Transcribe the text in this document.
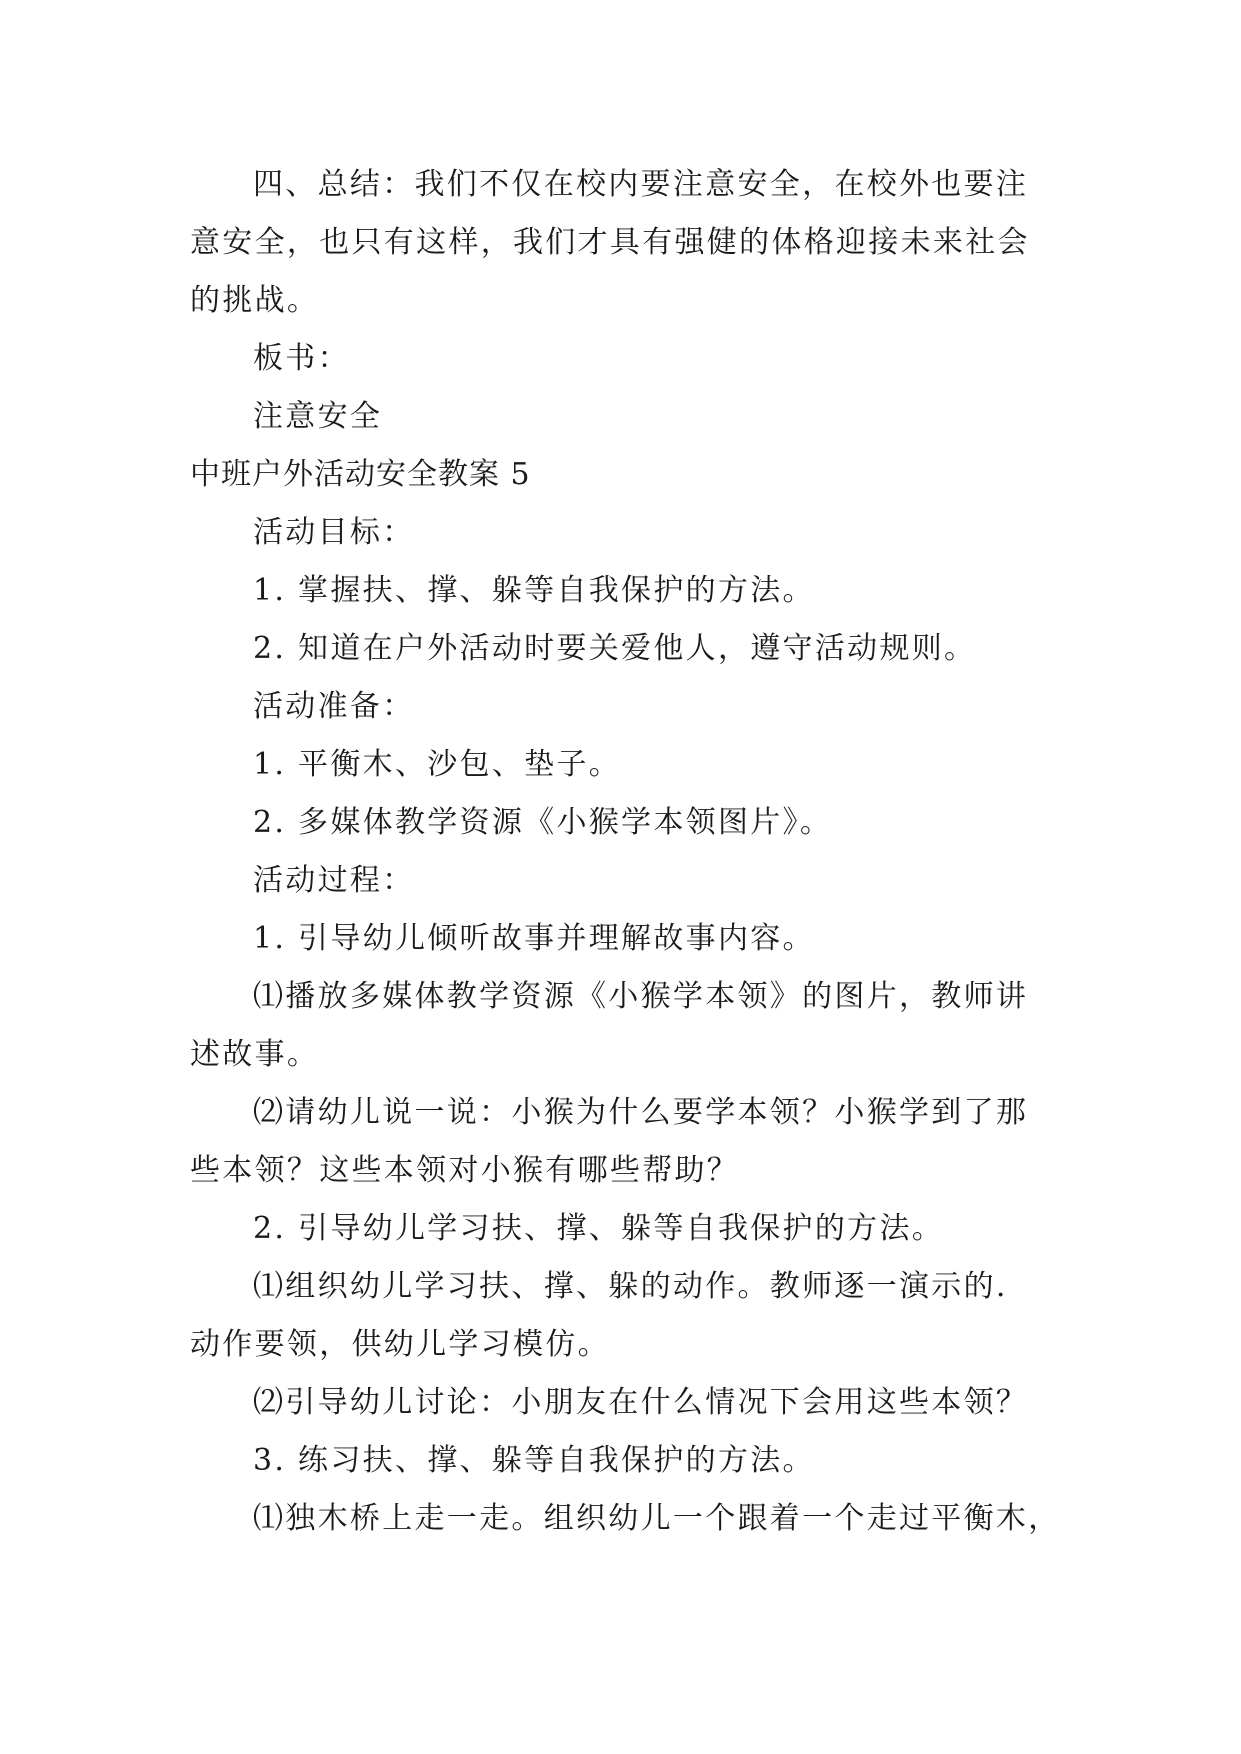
四、总结：我们不仅在校内要注意安全，在校外也要注
意安全，也只有这样，我们才具有强健的体格迎接未来社会
的挑战。
板书：
注意安全
中班户外活动安全教案 5
活动目标：
1. 掌握扶、撑、躲等自我保护的方法。
2. 知道在户外活动时要关爱他人，遵守活动规则。
活动准备：
1. 平衡木、沙包、垫子。
2. 多媒体教学资源《小猴学本领图片》。
活动过程：
1. 引导幼儿倾听故事并理解故事内容。
⑴播放多媒体教学资源《小猴学本领》的图片，教师讲
述故事。
⑵请幼儿说一说：小猴为什么要学本领？小猴学到了那
些本领？这些本领对小猴有哪些帮助？
2. 引导幼儿学习扶、撑、躲等自我保护的方法。
⑴组织幼儿学习扶、撑、躲的动作。教师逐一演示的.
动作要领，供幼儿学习模仿。
⑵引导幼儿讨论：小朋友在什么情况下会用这些本领？
3. 练习扶、撑、躲等自我保护的方法。
⑴独木桥上走一走。组织幼儿一个跟着一个走过平衡木，
